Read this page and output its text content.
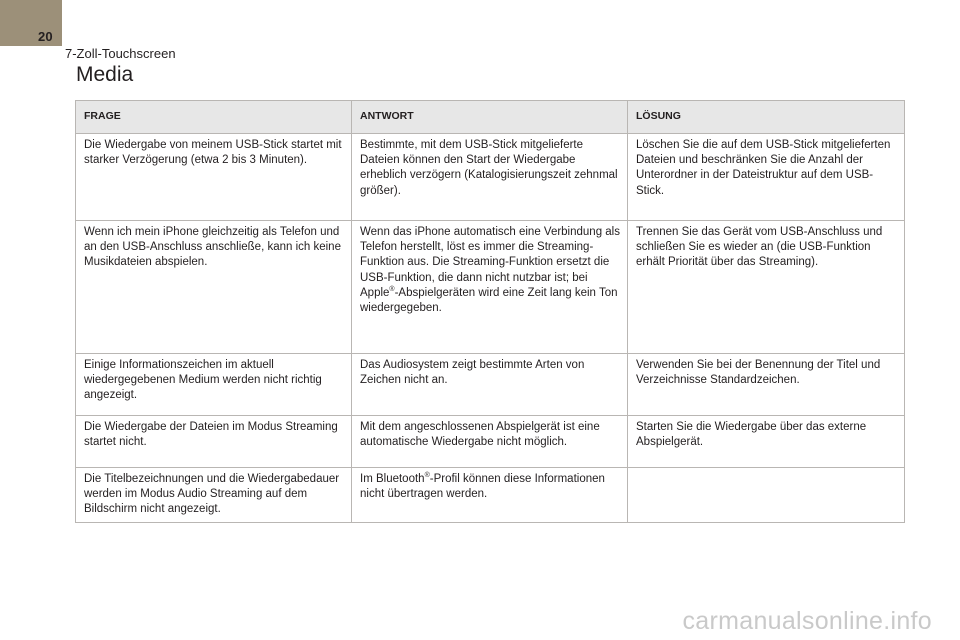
20
7-Zoll-Touchscreen
Media
FRAGE	ANTWORT	LÖSUNG
Die Wiedergabe von meinem USB-Stick startet mit starker Verzögerung (etwa 2 bis 3 Minuten).	Bestimmte, mit dem USB-Stick mitgelieferte Dateien können den Start der Wiedergabe erheblich verzögern (Katalogisierungszeit zehnmal größer).	Löschen Sie die auf dem USB-Stick mitgelieferten Dateien und beschränken Sie die Anzahl der Unterordner in der Dateistruktur auf dem USB-Stick.
Wenn ich mein iPhone gleichzeitig als Telefon und an den USB-Anschluss anschließe, kann ich keine Musikdateien abspielen.	Wenn das iPhone automatisch eine Verbindung als Telefon herstellt, löst es immer die Streaming-Funktion aus. Die Streaming-Funktion ersetzt die USB-Funktion, die dann nicht nutzbar ist; bei Apple®-Abspielgeräten wird eine Zeit lang kein Ton wiedergegeben.	Trennen Sie das Gerät vom USB-Anschluss und schließen Sie es wieder an (die USB-Funktion erhält Priorität über das Streaming).
Einige Informationszeichen im aktuell wiedergegebenen Medium werden nicht richtig angezeigt.	Das Audiosystem zeigt bestimmte Arten von Zeichen nicht an.	Verwenden Sie bei der Benennung der Titel und Verzeichnisse Standardzeichen.
Die Wiedergabe der Dateien im Modus Streaming startet nicht.	Mit dem angeschlossenen Abspielgerät ist eine automatische Wiedergabe nicht möglich.	Starten Sie die Wiedergabe über das externe Abspielgerät.
Die Titelbezeichnungen und die Wiedergabedauer werden im Modus Audio Streaming auf dem Bildschirm nicht angezeigt.	Im Bluetooth®-Profil können diese Informationen nicht übertragen werden.	
carmanualsonline.info
